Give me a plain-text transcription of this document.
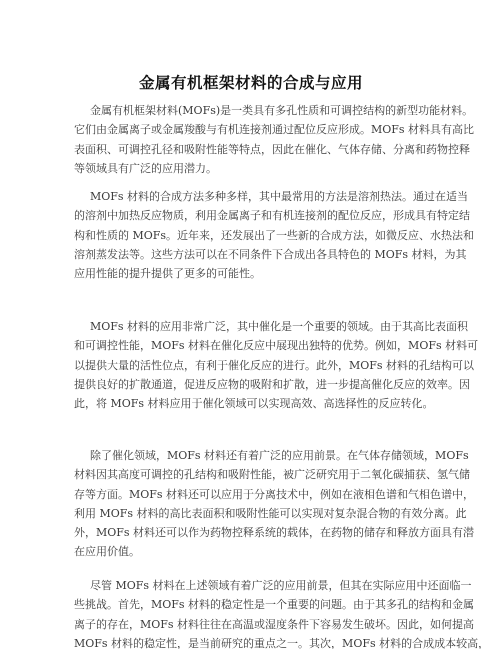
金属有机框架材料的合成与应用
金属有机框架材料(MOFs)是一类具有多孔性质和可调控结构的新型功能材料。
它们由金属离子或金属羧酸与有机连接剂通过配位反应形成。MOFs 材料具有高比
表面积、可调控孔径和吸附性能等特点，因此在催化、气体存储、分离和药物控释
等领域具有广泛的应用潜力。
MOFs 材料的合成方法多种多样，其中最常用的方法是溶剂热法。通过在适当
的溶剂中加热反应物质，利用金属离子和有机连接剂的配位反应，形成具有特定结
构和性质的 MOFs。近年来，还发展出了一些新的合成方法，如微反应、水热法和
溶剂蒸发法等。这些方法可以在不同条件下合成出各具特色的 MOFs 材料，为其
应用性能的提升提供了更多的可能性。
MOFs 材料的应用非常广泛，其中催化是一个重要的领域。由于其高比表面积
和可调控性能，MOFs 材料在催化反应中展现出独特的优势。例如，MOFs 材料可
以提供大量的活性位点，有利于催化反应的进行。此外，MOFs 材料的孔结构可以
提供良好的扩散通道，促进反应物的吸附和扩散，进一步提高催化反应的效率。因
此，将 MOFs 材料应用于催化领域可以实现高效、高选择性的反应转化。
除了催化领域，MOFs 材料还有着广泛的应用前景。在气体存储领域，MOFs
材料因其高度可调控的孔结构和吸附性能，被广泛研究用于二氧化碳捕获、氢气储
存等方面。MOFs 材料还可以应用于分离技术中，例如在液相色谱和气相色谱中，
利用 MOFs 材料的高比表面积和吸附性能可以实现对复杂混合物的有效分离。此
外，MOFs 材料还可以作为药物控释系统的载体，在药物的储存和释放方面具有潜
在应用价值。
尽管 MOFs 材料在上述领域有着广泛的应用前景，但其在实际应用中还面临一
些挑战。首先，MOFs 材料的稳定性是一个重要的问题。由于其多孔的结构和金属
离子的存在，MOFs 材料往往在高温或湿度条件下容易发生破坏。因此，如何提高
MOFs 材料的稳定性，是当前研究的重点之一。其次，MOFs 材料的合成成本较高，
